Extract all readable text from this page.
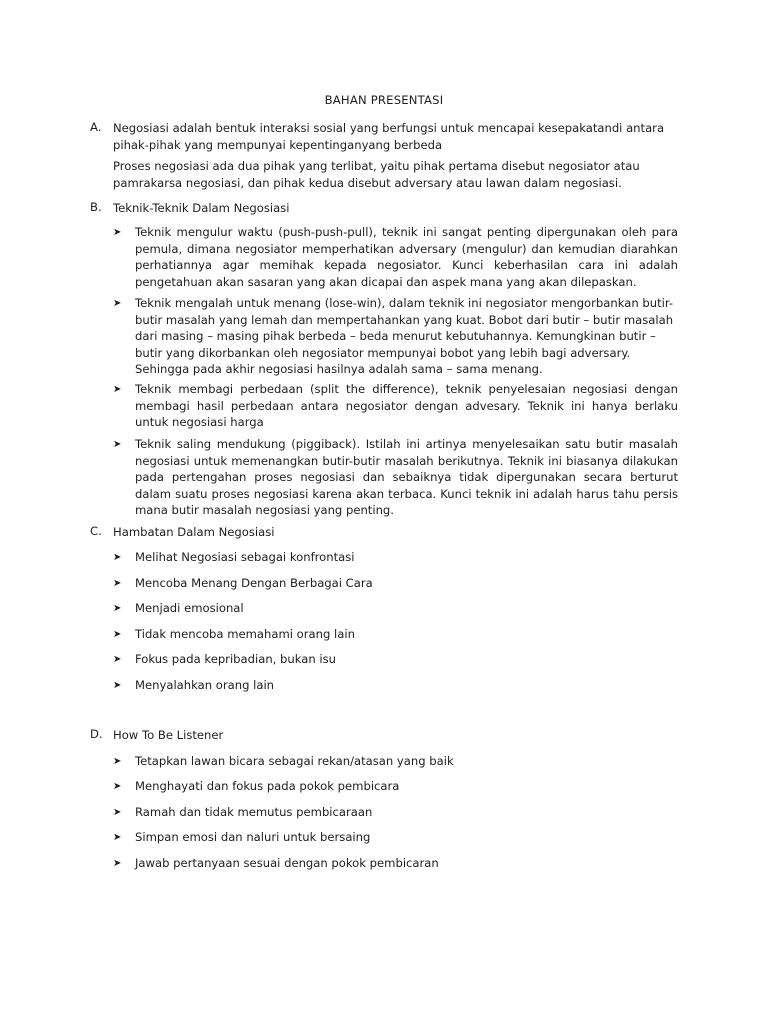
BAHAN PRESENTASI
A. Negosiasi adalah bentuk interaksi sosial yang berfungsi untuk mencapai kesepakatandi antara pihak-pihak yang mempunyai kepentinganyang berbeda
Proses negosiasi ada dua pihak yang terlibat, yaitu pihak pertama disebut negosiator atau pamrakarsa negosiasi, dan pihak kedua disebut adversary atau lawan dalam negosiasi.
B. Teknik-Teknik Dalam Negosiasi
➤ Teknik mengulur waktu (push-push-pull), teknik ini sangat penting dipergunakan oleh para pemula, dimana negosiator memperhatikan adversary (mengulur) dan kemudian diarahkan perhatiannya agar memihak kepada negosiator. Kunci keberhasilan cara ini adalah pengetahuan akan sasaran yang akan dicapai dan aspek mana yang akan dilepaskan.
➤ Teknik mengalah untuk menang (lose-win), dalam teknik ini negosiator mengorbankan butir-butir masalah yang lemah dan mempertahankan yang kuat. Bobot dari butir – butir masalah dari masing – masing pihak berbeda – beda menurut kebutuhannya. Kemungkinan butir – butir yang dikorbankan oleh negosiator mempunyai bobot yang lebih bagi adversary. Sehingga pada akhir negosiasi hasilnya adalah sama – sama menang.
➤ Teknik membagi perbedaan (split the difference), teknik penyelesaian negosiasi dengan membagi hasil perbedaan antara negosiator dengan advesary. Teknik ini hanya berlaku untuk negosiasi harga
➤ Teknik saling mendukung (piggiback). Istilah ini artinya menyelesaikan satu butir masalah negosiasi untuk memenangkan butir-butir masalah berikutnya. Teknik ini biasanya dilakukan pada pertengahan proses negosiasi dan sebaiknya tidak dipergunakan secara berturut dalam suatu proses negosiasi karena akan terbaca. Kunci teknik ini adalah harus tahu persis mana butir masalah negosiasi yang penting.
C. Hambatan Dalam Negosiasi
➤ Melihat Negosiasi sebagai konfrontasi
➤ Mencoba Menang Dengan Berbagai Cara
➤ Menjadi emosional
➤ Tidak mencoba memahami orang lain
➤ Fokus pada kepribadian, bukan isu
➤ Menyalahkan orang lain
D. How To Be Listener
➤ Tetapkan lawan bicara sebagai rekan/atasan yang baik
➤ Menghayati dan fokus pada pokok pembicara
➤ Ramah dan tidak memutus pembicaraan
➤ Simpan emosi dan naluri untuk bersaing
➤ Jawab pertanyaan sesuai dengan pokok pembicaran
